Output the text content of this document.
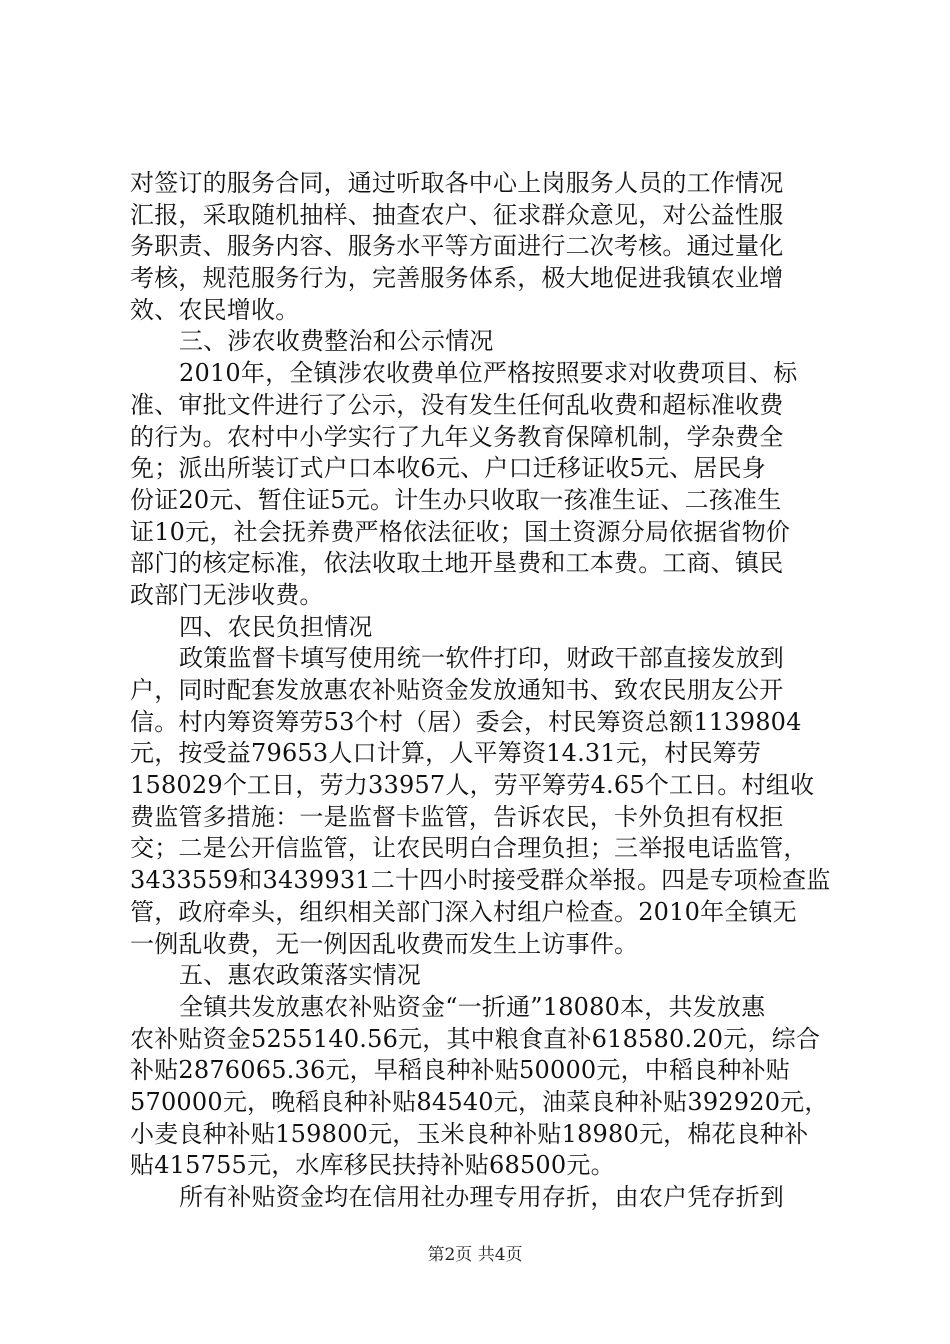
对签订的服务合同，通过听取各中心上岗服务人员的工作情况
汇报，采取随机抽样、抽查农户、征求群众意见，对公益性服
务职责、服务内容、服务水平等方面进行二次考核。通过量化
考核，规范服务行为，完善服务体系，极大地促进我镇农业增
效、农民增收。
三、涉农收费整治和公示情况
2010年，全镇涉农收费单位严格按照要求对收费项目、标
准、审批文件进行了公示，没有发生任何乱收费和超标准收费
的行为。农村中小学实行了九年义务教育保障机制，学杂费全
免；派出所装订式户口本收6元、户口迁移证收5元、居民身
份证20元、暂住证5元。计生办只收取一孩准生证、二孩准生
证10元，社会抚养费严格依法征收；国土资源分局依据省物价
部门的核定标准，依法收取土地开垦费和工本费。工商、镇民
政部门无涉收费。
四、农民负担情况
政策监督卡填写使用统一软件打印，财政干部直接发放到
户，同时配套发放惠农补贴资金发放通知书、致农民朋友公开
信。村内筹资筹劳53个村（居）委会，村民筹资总额1139804
元，按受益79653人口计算，人平筹资14.31元，村民筹劳
158029个工日，劳力33957人，劳平筹劳4.65个工日。村组收
费监管多措施：一是监督卡监管，告诉农民，卡外负担有权拒
交；二是公开信监管，让农民明白合理负担；三举报电话监管，
3433559和3439931二十四小时接受群众举报。四是专项检查监
管，政府牵头，组织相关部门深入村组户检查。2010年全镇无
一例乱收费，无一例因乱收费而发生上访事件。
五、惠农政策落实情况
全镇共发放惠农补贴资金“一折通”18080本，共发放惠
农补贴资金5255140.56元，其中粮食直补618580.20元，综合
补贴2876065.36元，早稻良种补贴50000元，中稻良种补贴
570000元，晚稻良种补贴84540元，油菜良种补贴392920元，
小麦良种补贴159800元，玉米良种补贴18980元，棉花良种补
贴415755元，水库移民扶持补贴68500元。
所有补贴资金均在信用社办理专用存折，由农户凭存折到
第2页 共4页
